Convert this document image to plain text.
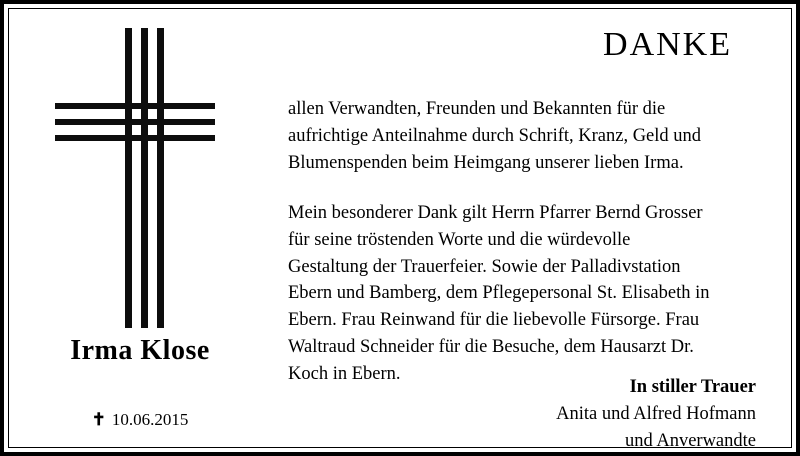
Irma Klose
✝ 10.06.2015
DANKE
allen Verwandten, Freunden und Bekannten für die aufrichtige Anteilnahme durch Schrift, Kranz, Geld und Blumenspenden beim Heimgang unserer lieben Irma.
Mein besonderer Dank gilt Herrn Pfarrer Bernd Grosser für seine tröstenden Worte und die würdevolle Gestaltung der Trauerfeier. Sowie der Palladivstation Ebern und Bamberg, dem Pflegepersonal St. Elisabeth in Ebern. Frau Reinwand für die liebevolle Fürsorge. Frau Waltraud Schneider für die Besuche, dem Hausarzt Dr. Koch in Ebern.
In stiller Trauer
Anita und Alfred Hofmann
und Anverwandte
